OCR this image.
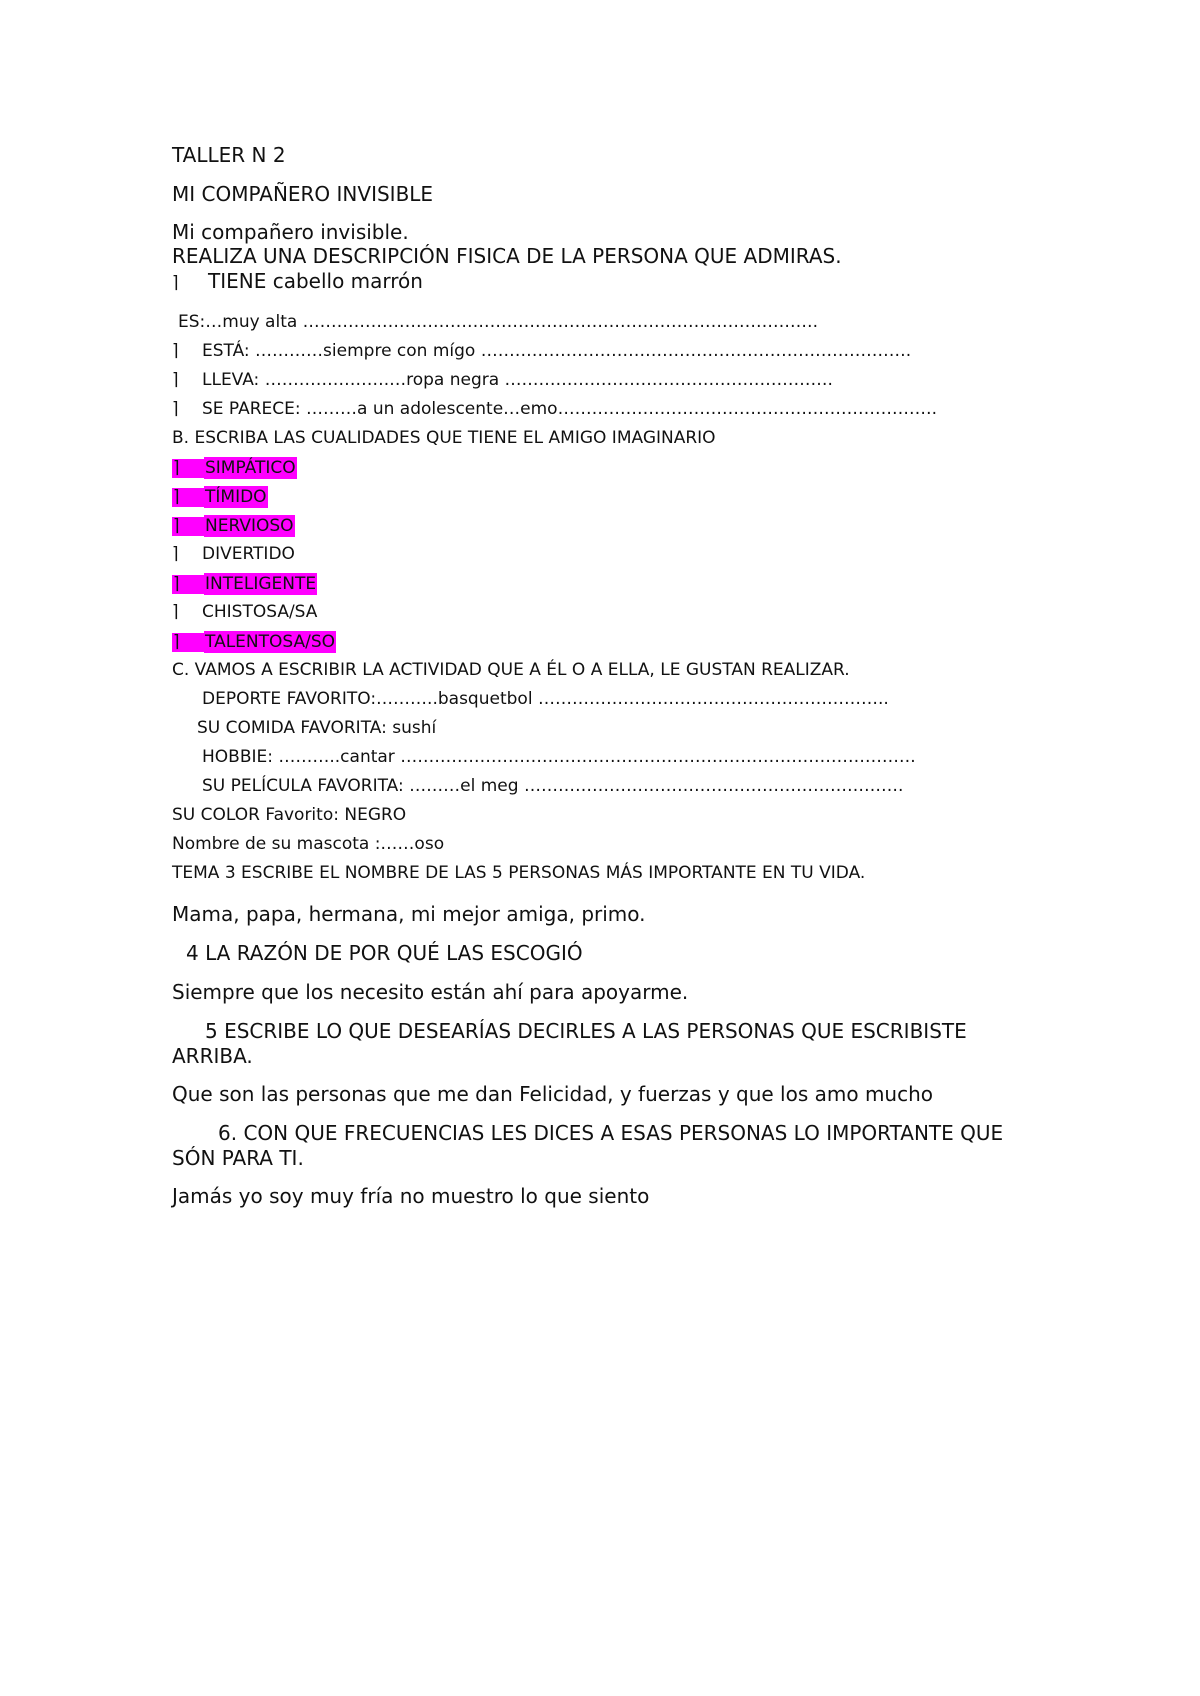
TALLER N 2
MI COMPAÑERO INVISIBLE
Mi compañero invisible.
REALIZA UNA DESCRIPCIÓN FISICA DE LA PERSONA QUE ADMIRAS.
⌉ TIENE cabello marrón
ES:…muy alta ……………………………………………………………………………….
⌉ ESTÁ: …………siempre con mígo ………………………………………………………………….
⌉ LLEVA: ………………….…ropa negra ………………………………………………….
⌉ SE PARECE: ………a un adolescente…emo………………………………………………………….
B. ESCRIBA LAS CUALIDADES QUE TIENE EL AMIGO IMAGINARIO
⌉ SIMPÁTICO
⌉ TÍMIDO
⌉ NERVIOSO
⌉ DIVERTIDO
⌉ INTELIGENTE
⌉ CHISTOSA/SA
⌉ TALENTOSA/SO
C. VAMOS A ESCRIBIR LA ACTIVIDAD QUE A ÉL O A ELLA, LE GUSTAN REALIZAR.
DEPORTE FAVORITO:………..basquetbol ……………………………………………………..
SU COMIDA FAVORITA: sushí
HOBBIE: ………..cantar ……………………………………………………………………………….
SU PELÍCULA FAVORITA: ………el meg ………………………………………………………….
SU COLOR Favorito: NEGRO
Nombre de su mascota :……oso
TEMA 3 ESCRIBE EL NOMBRE DE LAS 5 PERSONAS MÁS IMPORTANTE EN TU VIDA.
Mama, papa, hermana, mi mejor amiga, primo.
4 LA RAZÓN DE POR QUÉ LAS ESCOGIÓ
Siempre que los necesito están ahí para apoyarme.
5 ESCRIBE LO QUE DESEARÍAS DECIRLES A LAS PERSONAS QUE ESCRIBISTE
ARRIBA.
Que son las personas que me dan Felicidad, y fuerzas y que los amo mucho
6. CON QUE FRECUENCIAS LES DICES A ESAS PERSONAS LO IMPORTANTE QUE
SÓN PARA TI.
Jamás yo soy muy fría no muestro lo que siento
